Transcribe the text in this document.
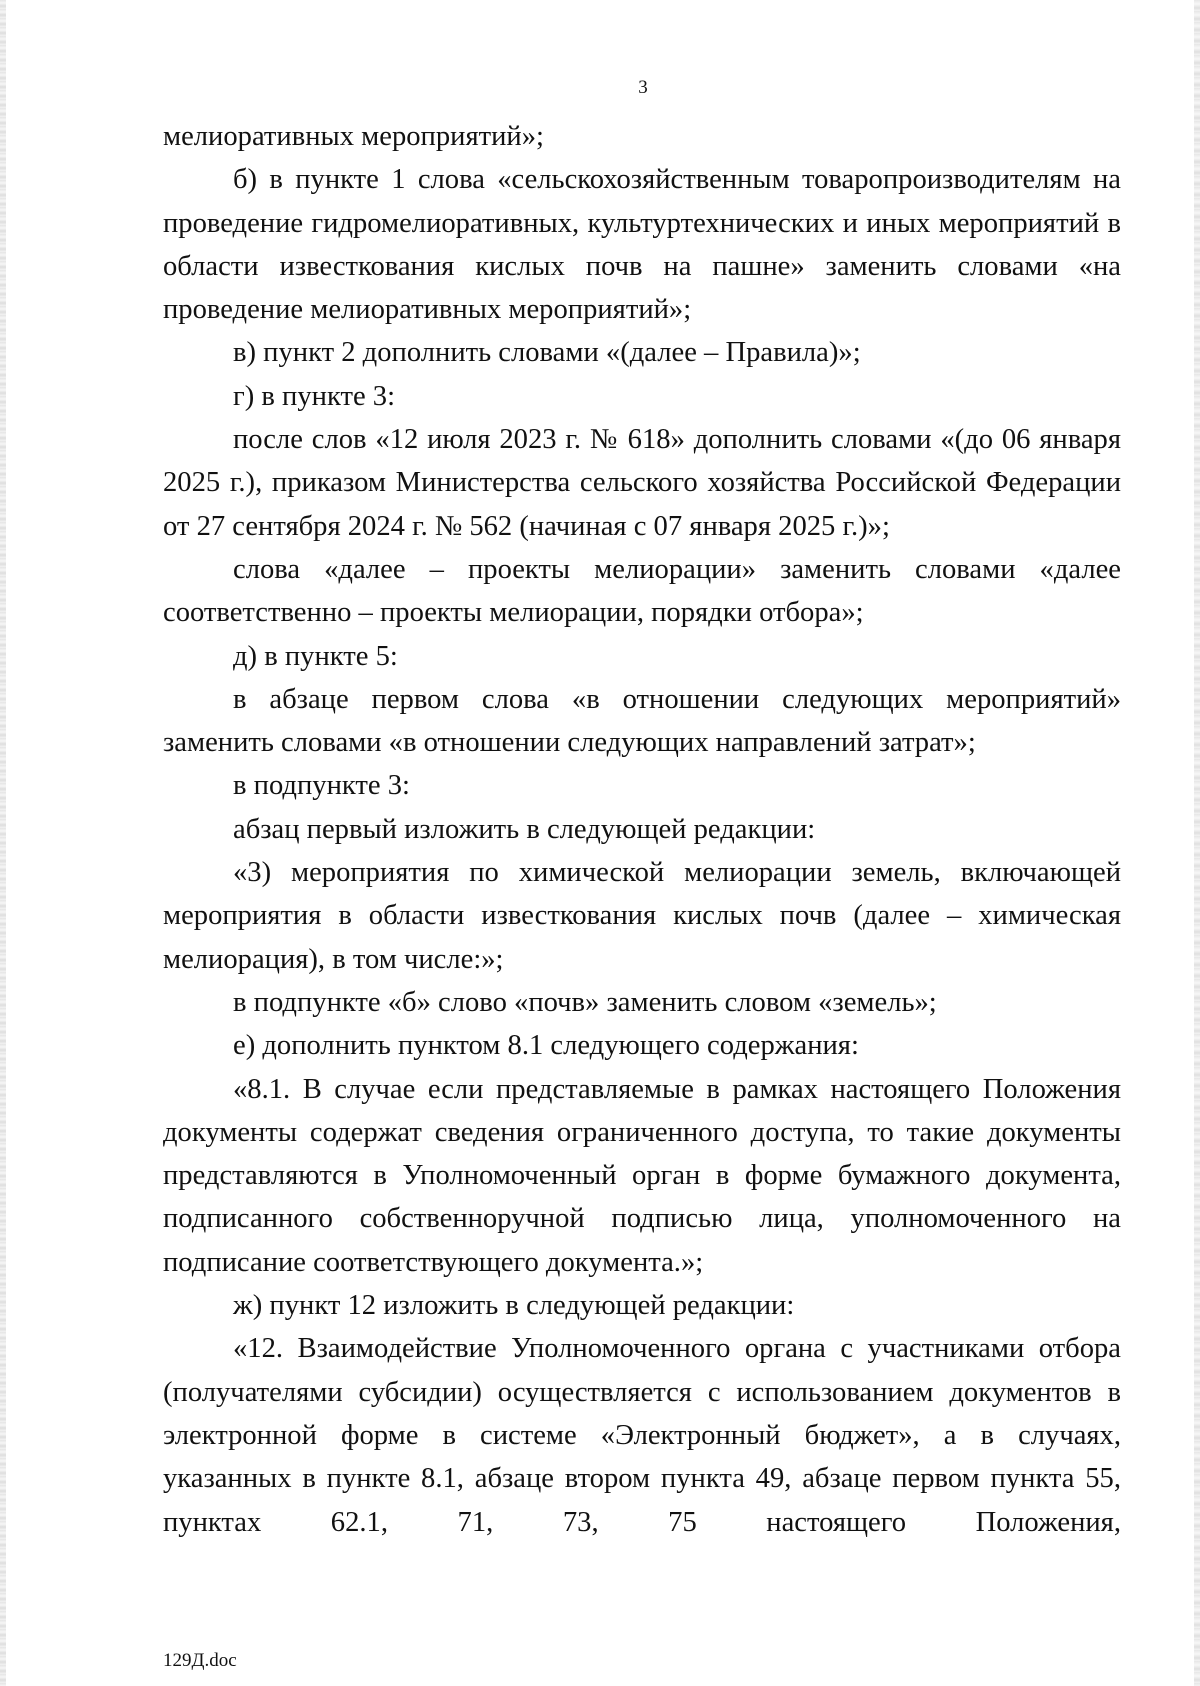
3

мелиоративных мероприятий»;

б) в пункте 1 слова «сельскохозяйственным товаропроизводителям на проведение гидромелиоративных, культуртехнических и иных мероприятий в области известкования кислых почв на пашне» заменить словами «на проведение мелиоративных мероприятий»;

в) пункт 2 дополнить словами «(далее – Правила)»;

г) в пункте 3:

после слов «12 июля 2023 г. № 618» дополнить словами «(до 06 января 2025 г.), приказом Министерства сельского хозяйства Российской Федерации от 27 сентября 2024 г. № 562 (начиная с 07 января 2025 г.)»;

слова «далее – проекты мелиорации» заменить словами «далее соответственно – проекты мелиорации, порядки отбора»;

д) в пункте 5:

в абзаце первом слова «в отношении следующих мероприятий» заменить словами «в отношении следующих направлений затрат»;

в подпункте 3:

абзац первый изложить в следующей редакции:

«3) мероприятия по химической мелиорации земель, включающей мероприятия в области известкования кислых почв (далее – химическая мелиорация), в том числе:»;

в подпункте «б» слово «почв» заменить словом «земель»;

е) дополнить пунктом 8.1 следующего содержания:

«8.1. В случае если представляемые в рамках настоящего Положения документы содержат сведения ограниченного доступа, то такие документы представляются в Уполномоченный орган в форме бумажного документа, подписанного собственноручной подписью лица, уполномоченного на подписание соответствующего документа.»;

ж) пункт 12 изложить в следующей редакции:

«12. Взаимодействие Уполномоченного органа с участниками отбора (получателями субсидии) осуществляется с использованием документов в электронной форме в системе «Электронный бюджет», а в случаях, указанных в пункте 8.1, абзаце втором пункта 49, абзаце первом пункта 55, пунктах 62.1, 71, 73, 75 настоящего Положения,

129Д.doc
